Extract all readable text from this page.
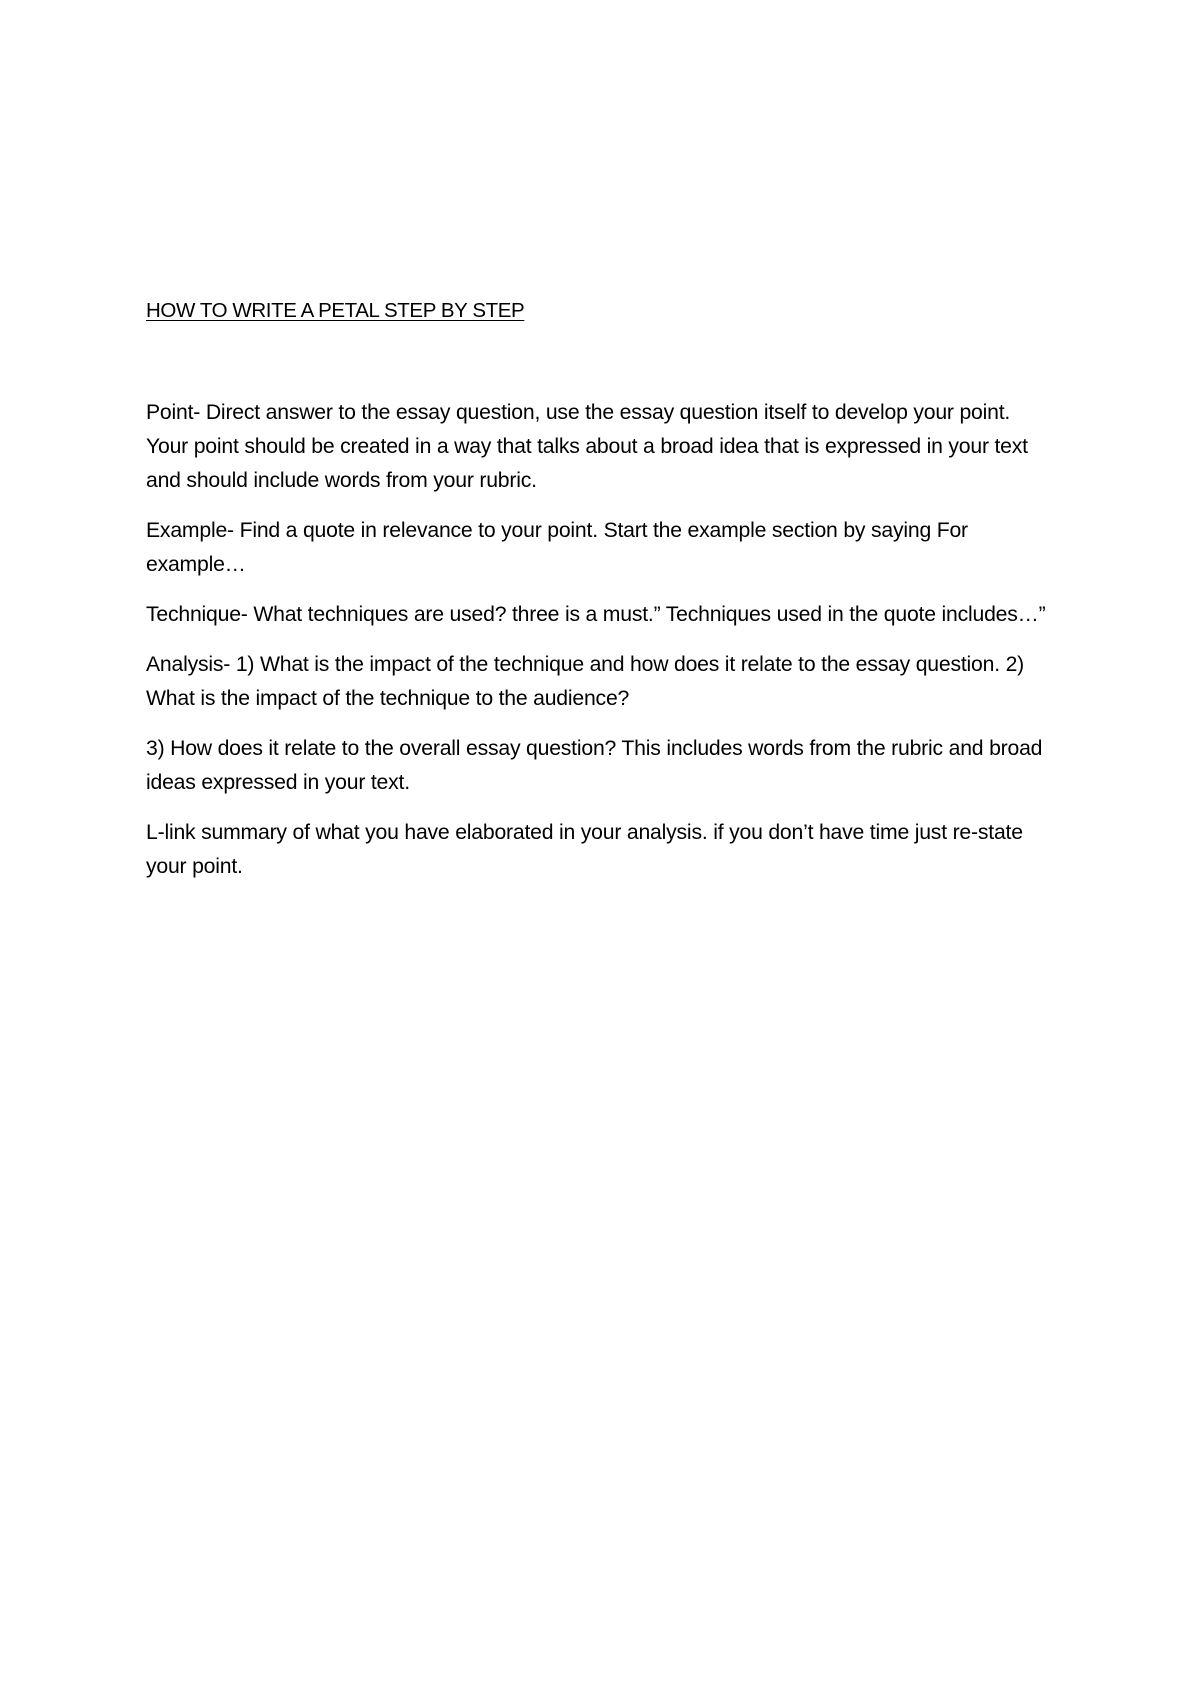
HOW TO WRITE A PETAL STEP BY STEP

Point- Direct answer to the essay question, use the essay question itself to develop your point. Your point should be created in a way that talks about a broad idea that is expressed in your text and should include words from your rubric.

Example- Find a quote in relevance to your point. Start the example section by saying For example…

Technique- What techniques are used? three is a must.” Techniques used in the quote includes…”

Analysis- 1) What is the impact of the technique and how does it relate to the essay question. 2) What is the impact of the technique to the audience?

3) How does it relate to the overall essay question? This includes words from the rubric and broad ideas expressed in your text.

L-link summary of what you have elaborated in your analysis. if you don’t have time just re-state your point.
